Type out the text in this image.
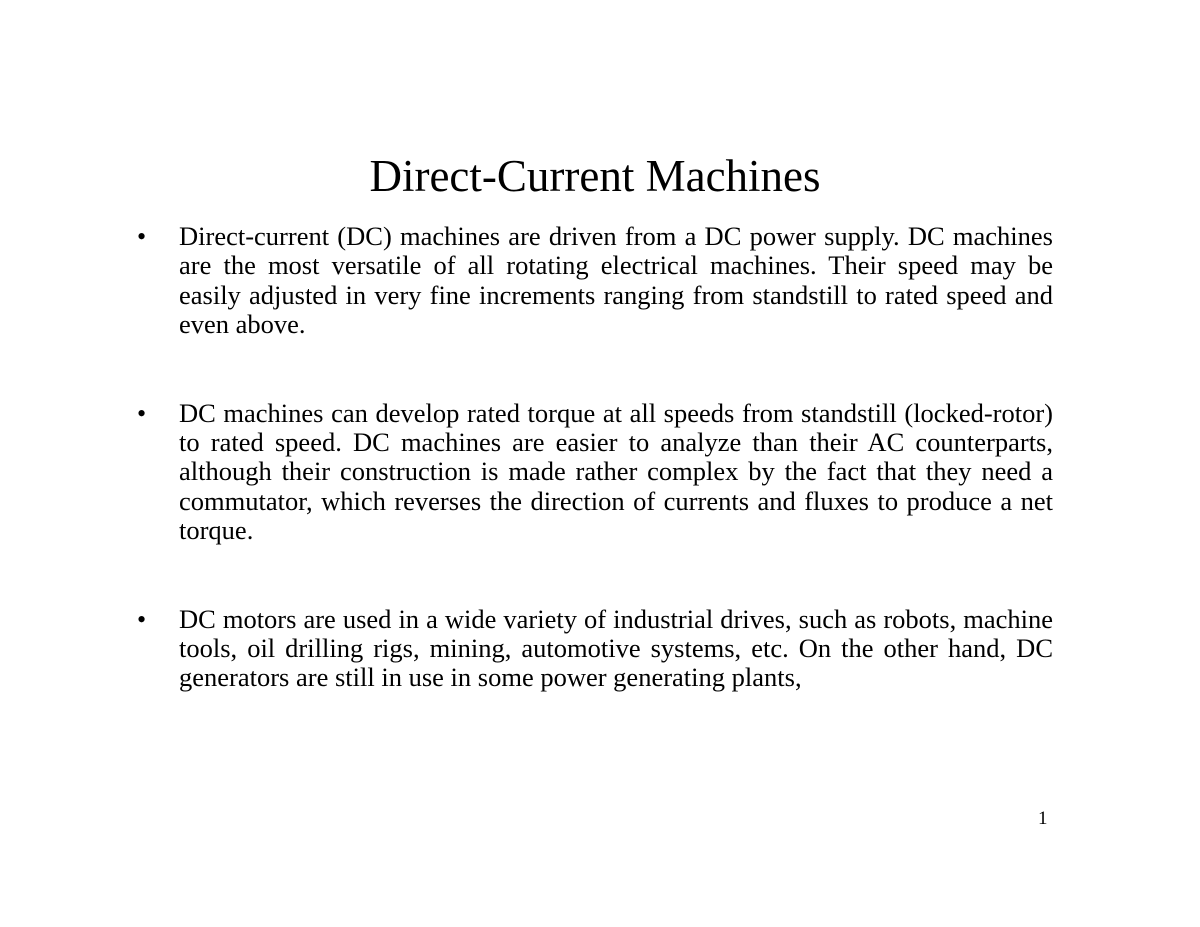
Direct-Current Machines
• Direct-current (DC) machines are driven from a DC power supply. DC machines are the most versatile of all rotating electrical machines. Their speed may be easily adjusted in very fine increments ranging from standstill to rated speed and even above.
• DC machines can develop rated torque at all speeds from standstill (locked-rotor) to rated speed. DC machines are easier to analyze than their AC counterparts, although their construction is made rather complex by the fact that they need a commutator, which reverses the direction of currents and fluxes to produce a net torque.
• DC motors are used in a wide variety of industrial drives, such as robots, machine tools, oil drilling rigs, mining, automotive systems, etc. On the other hand, DC generators are still in use in some power generating plants,
1
